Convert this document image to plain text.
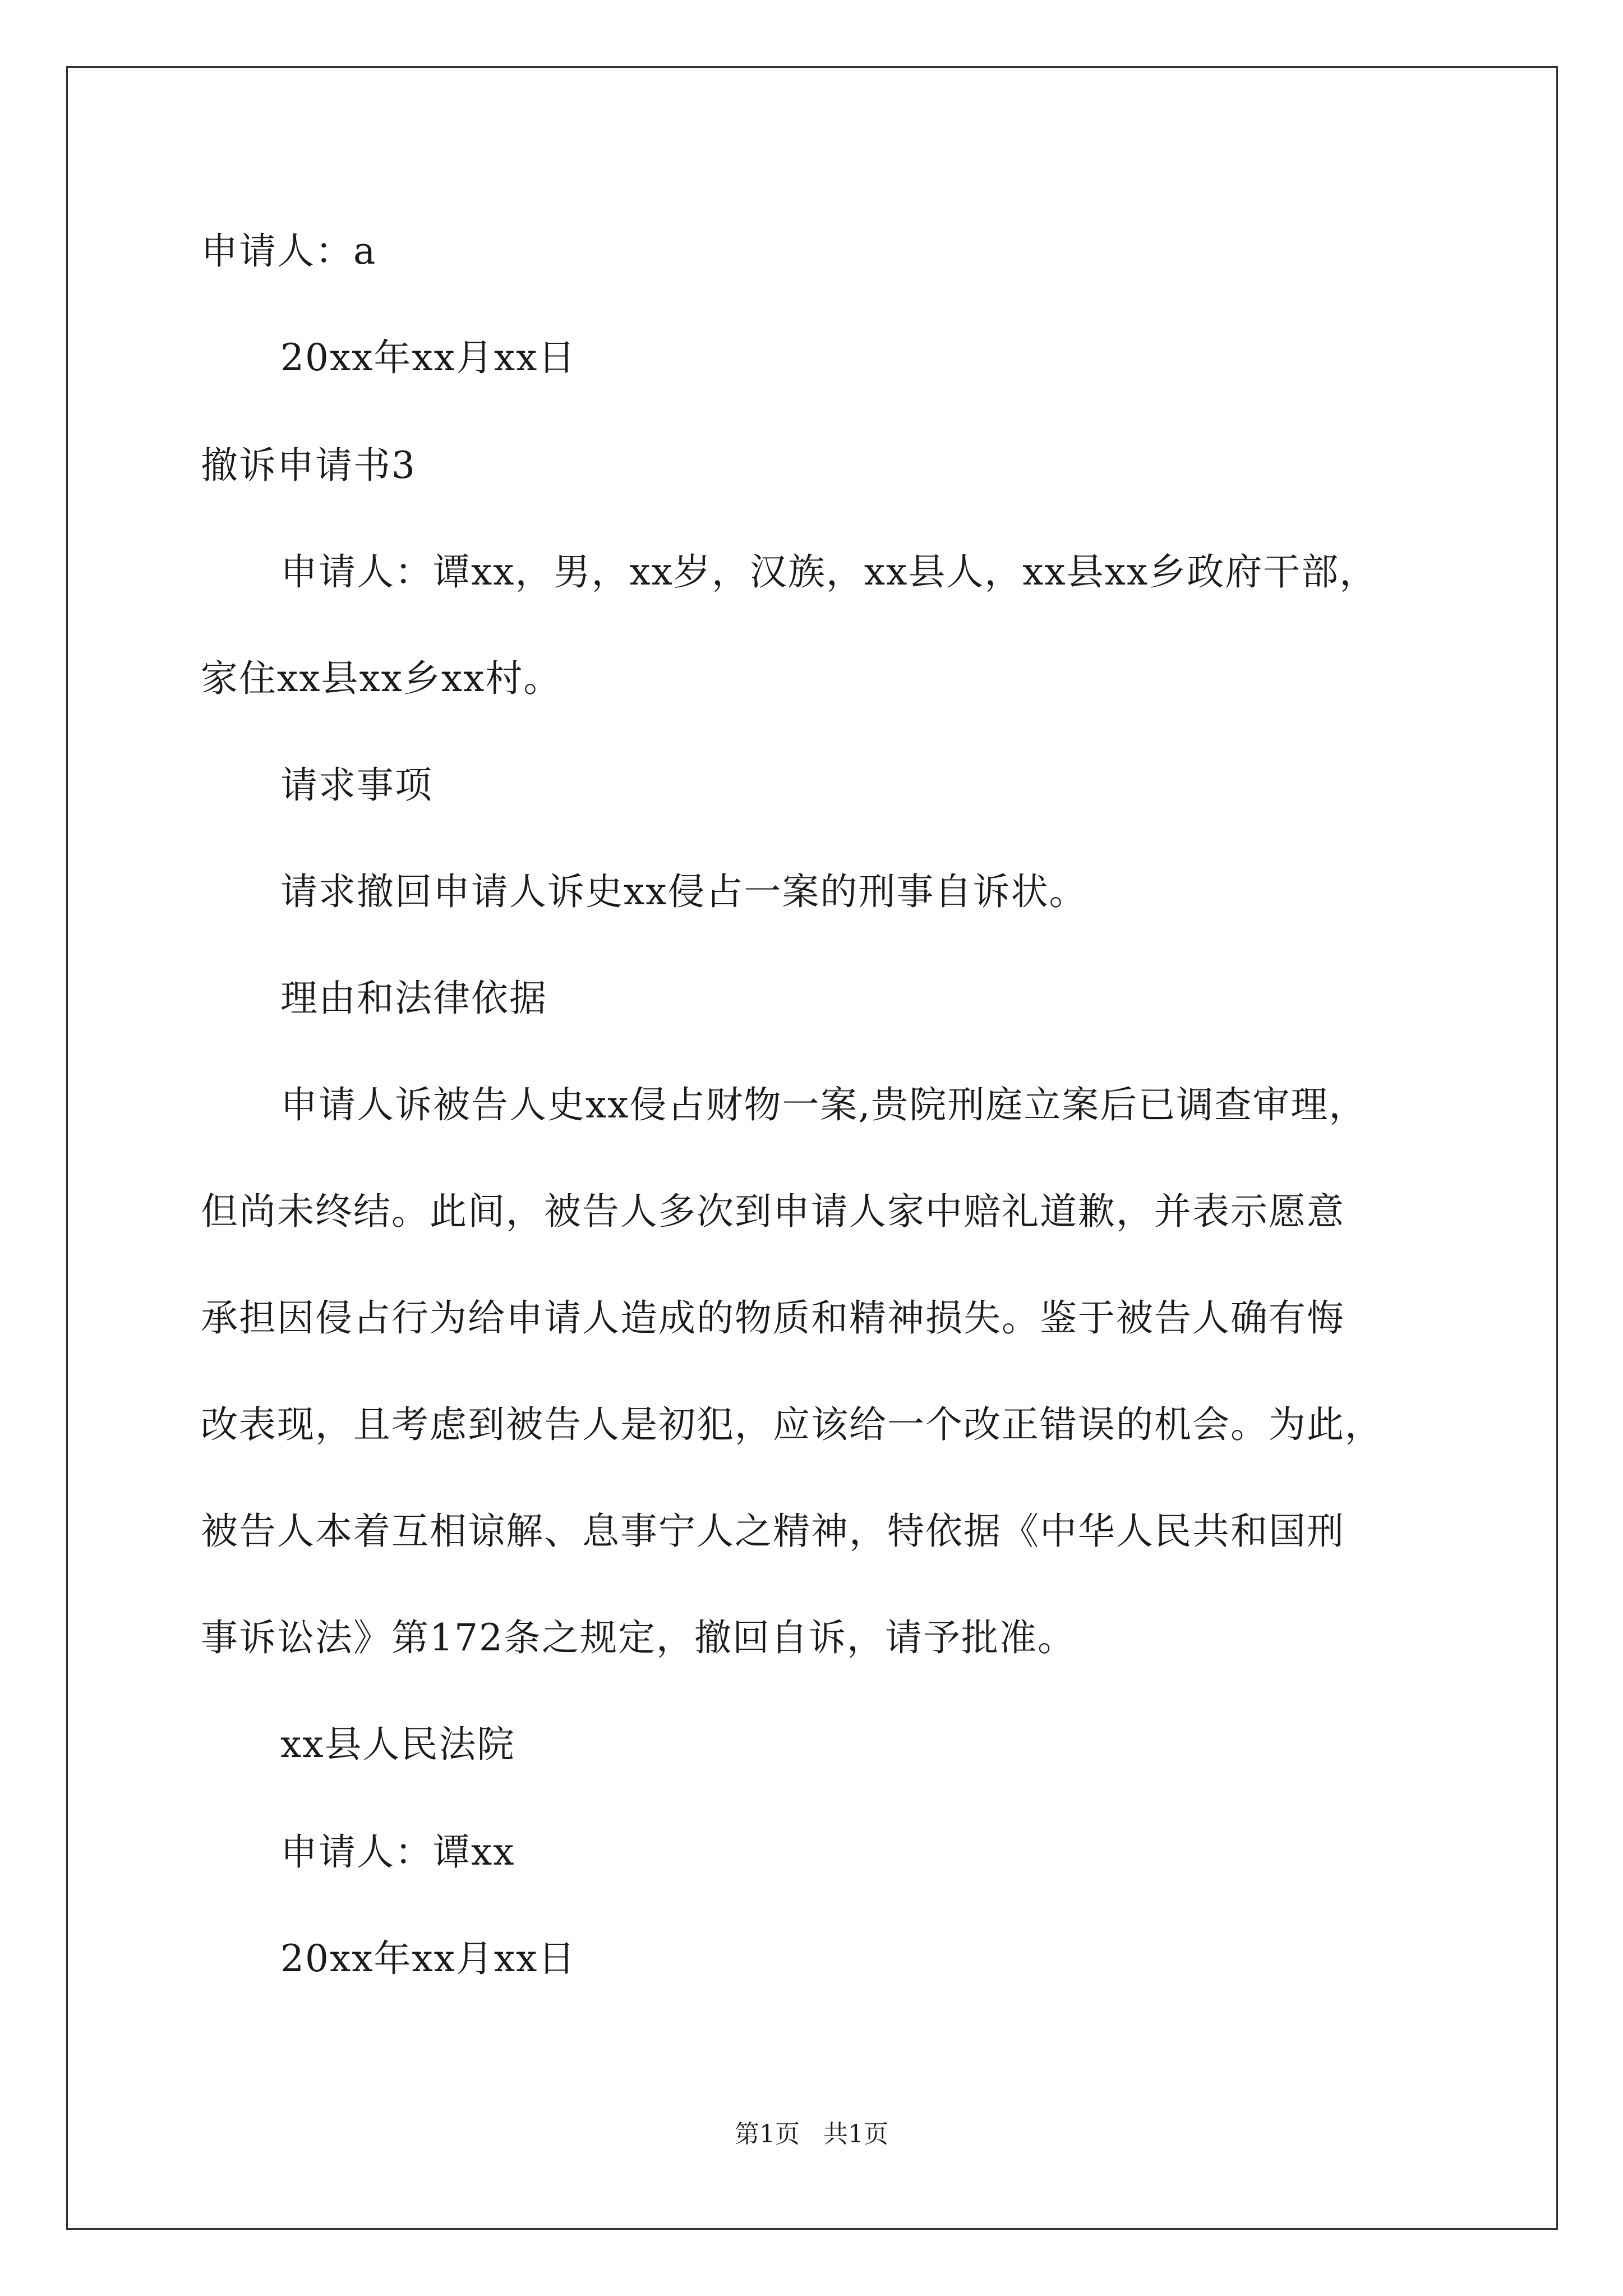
申请人：a
20xx年xx月xx日
撤诉申请书3
申请人：谭xx，男，xx岁，汉族，xx县人，xx县xx乡政府干部，
家住xx县xx乡xx村。
请求事项
请求撤回申请人诉史xx侵占一案的刑事自诉状。
理由和法律依据
申请人诉被告人史xx侵占财物一案,贵院刑庭立案后已调查审理，
但尚未终结。此间，被告人多次到申请人家中赔礼道歉，并表示愿意
承担因侵占行为给申请人造成的物质和精神损失。鉴于被告人确有悔
改表现，且考虑到被告人是初犯，应该给一个改正错误的机会。为此，
被告人本着互相谅解、息事宁人之精神，特依据《中华人民共和国刑
事诉讼法》第172条之规定，撤回自诉，请予批准。
xx县人民法院
申请人：谭xx
20xx年xx月xx日
第1页   共1页
